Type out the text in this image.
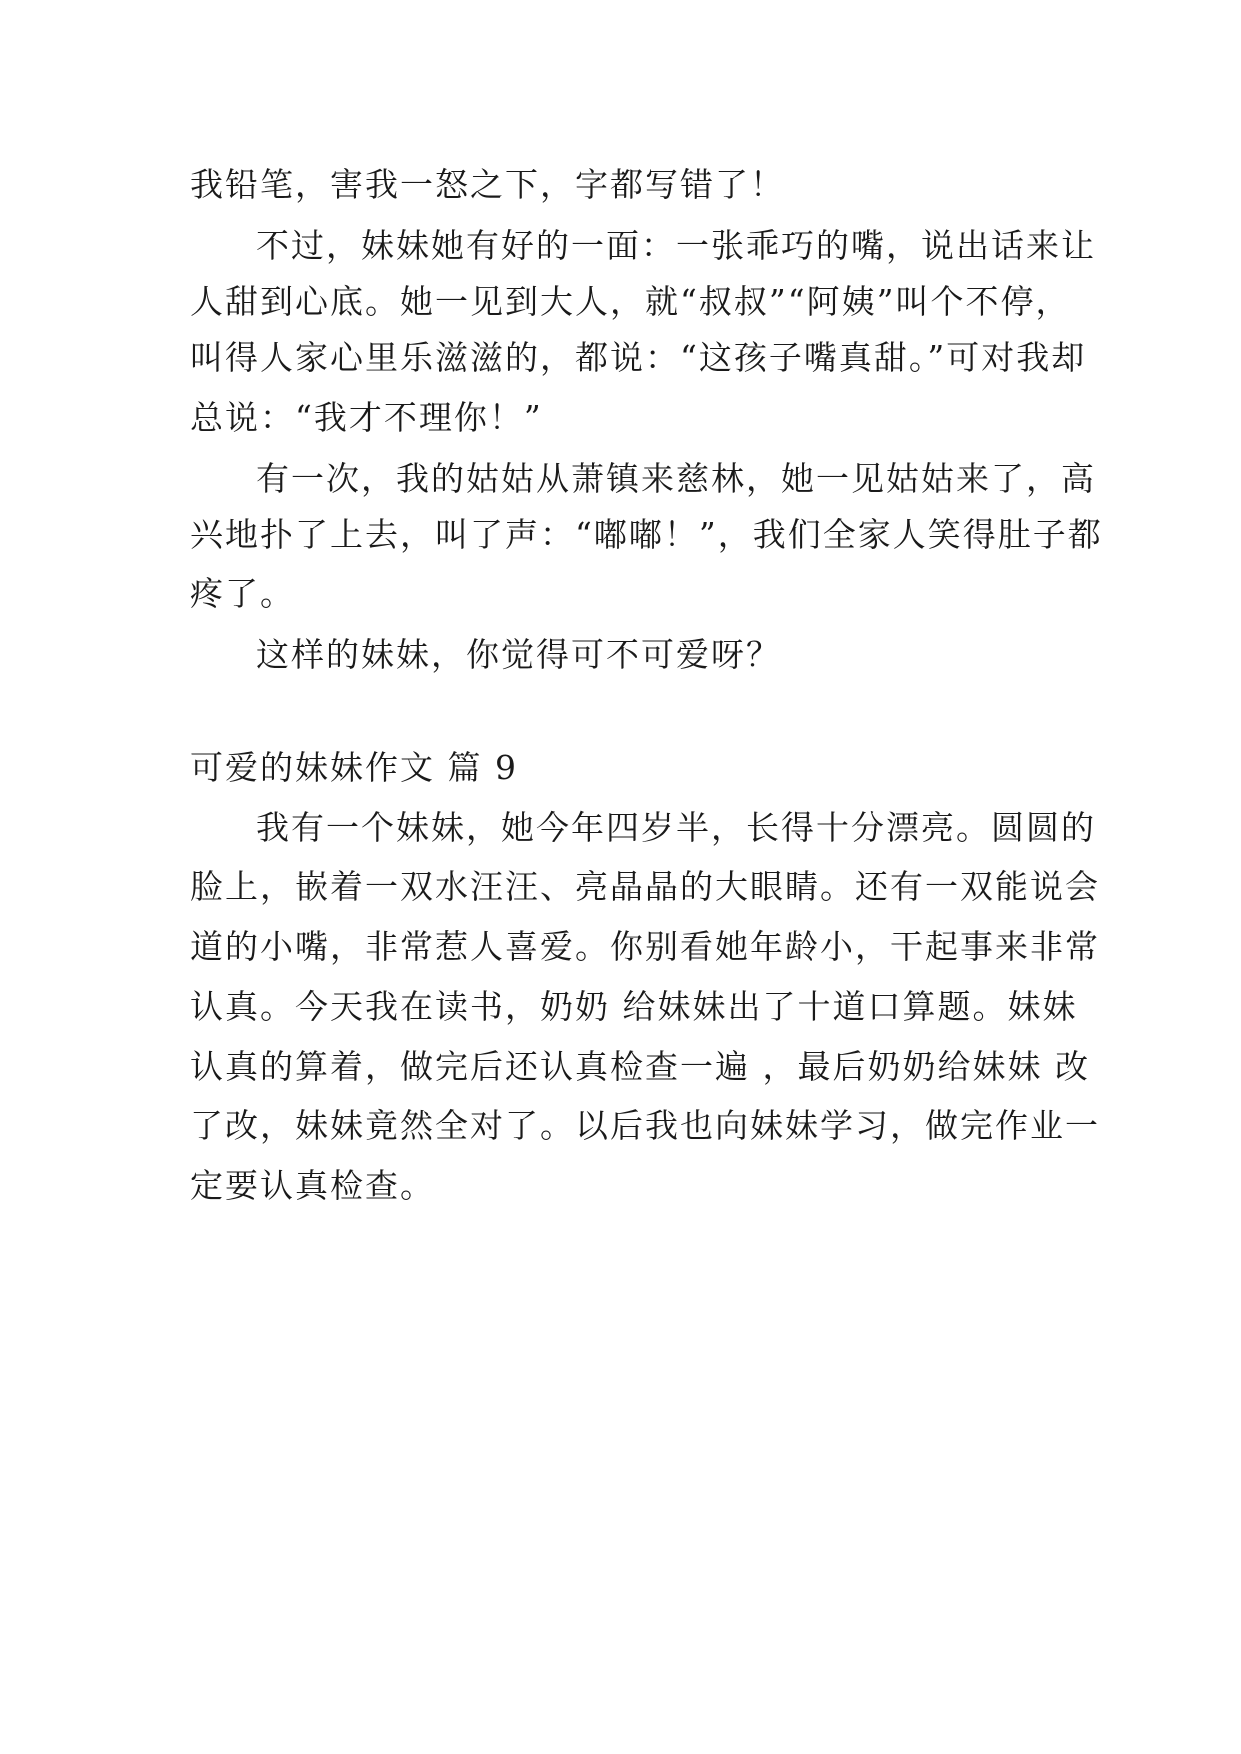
我铅笔，害我一怒之下，字都写错了！
不过，妹妹她有好的一面：一张乖巧的嘴，说出话来让
人甜到心底。她一见到大人，就“叔叔”“阿姨”叫个不停，
叫得人家心里乐滋滋的，都说：“这孩子嘴真甜。”可对我却
总说：“我才不理你！”
有一次，我的姑姑从萧镇来慈林，她一见姑姑来了，高
兴地扑了上去，叫了声：“嘟嘟！”，我们全家人笑得肚子都
疼了。
这样的妹妹，你觉得可不可爱呀？
可爱的妹妹作文 篇 9
我有一个妹妹，她今年四岁半，长得十分漂亮。圆圆的
脸上，嵌着一双水汪汪、亮晶晶的大眼睛。还有一双能说会
道的小嘴，非常惹人喜爱。你别看她年龄小，干起事来非常
认真。今天我在读书，奶奶 给妹妹出了十道口算题。妹妹
认真的算着，做完后还认真检查一遍 ，最后奶奶给妹妹 改
了改，妹妹竟然全对了。以后我也向妹妹学习，做完作业一
定要认真检查。
